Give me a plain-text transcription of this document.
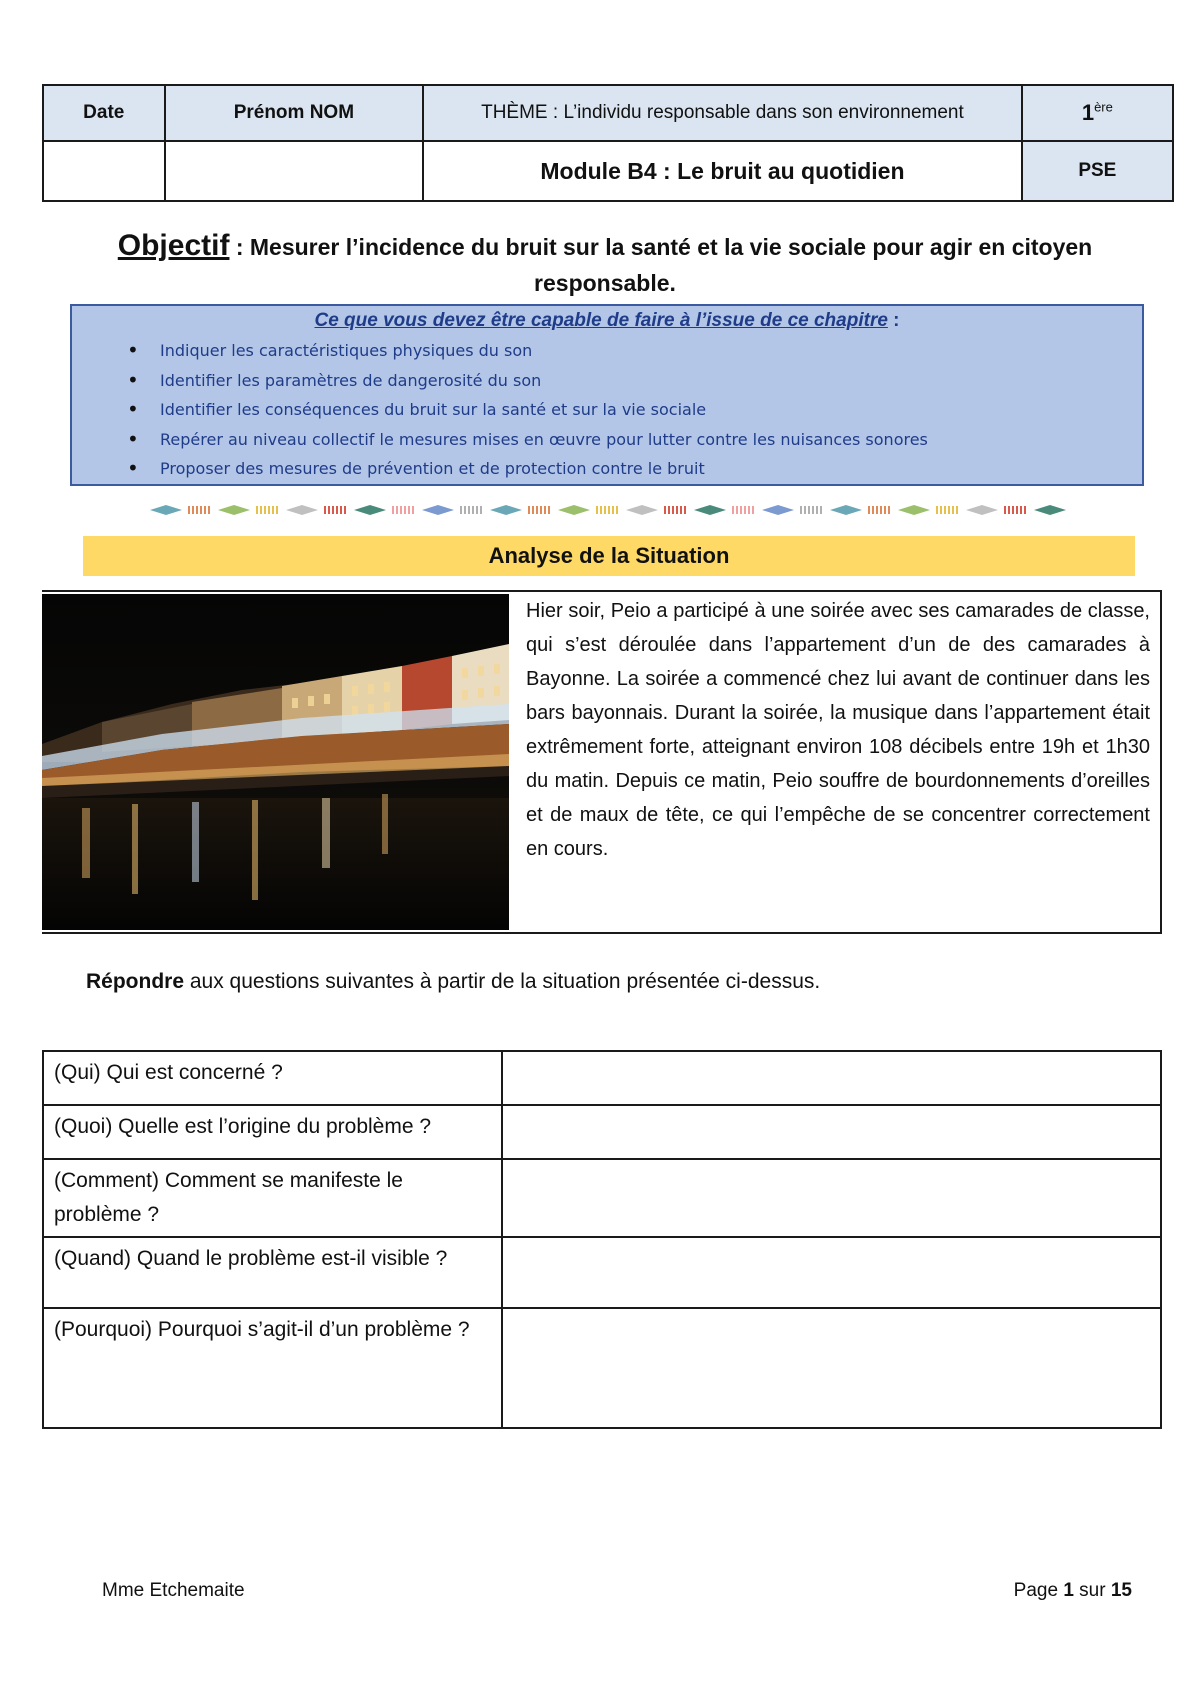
Date	Prénom NOM	THÈME : L’individu responsable dans son environnement	1ère
		Module B4 : Le bruit au quotidien	PSE
Objectif : Mesurer l’incidence du bruit sur la santé et la vie sociale pour agir en citoyen responsable.
Ce que vous devez être capable de faire à l’issue de ce chapitre :
• Indiquer les caractéristiques physiques du son
• Identifier les paramètres de dangerosité du son
• Identifier les conséquences du bruit sur la santé et sur la vie sociale
• Repérer au niveau collectif le mesures mises en œuvre pour lutter contre les nuisances sonores
• Proposer des mesures de prévention et de protection contre le bruit
Analyse de la Situation
Hier soir, Peio a participé à une soirée avec ses camarades de classe, qui s’est déroulée dans l’appartement d’un de des camarades à Bayonne. La soirée a commencé chez lui avant de continuer dans les bars bayonnais. Durant la soirée, la musique dans l’appartement était extrêmement forte, atteignant environ 108 décibels entre 19h et 1h30 du matin. Depuis ce matin, Peio souffre de bourdonnements d’oreilles et de maux de tête, ce qui l’empêche de se concentrer correctement en cours.
Répondre aux questions suivantes à partir de la situation présentée ci-dessus.
(Qui) Qui est concerné ?	
(Quoi) Quelle est l’origine du problème ?	
(Comment) Comment se manifeste le problème ?	
(Quand) Quand le problème est-il visible ?	
(Pourquoi) Pourquoi s’agit-il d’un problème ?	
Mme Etchemaite	Page 1 sur 15
